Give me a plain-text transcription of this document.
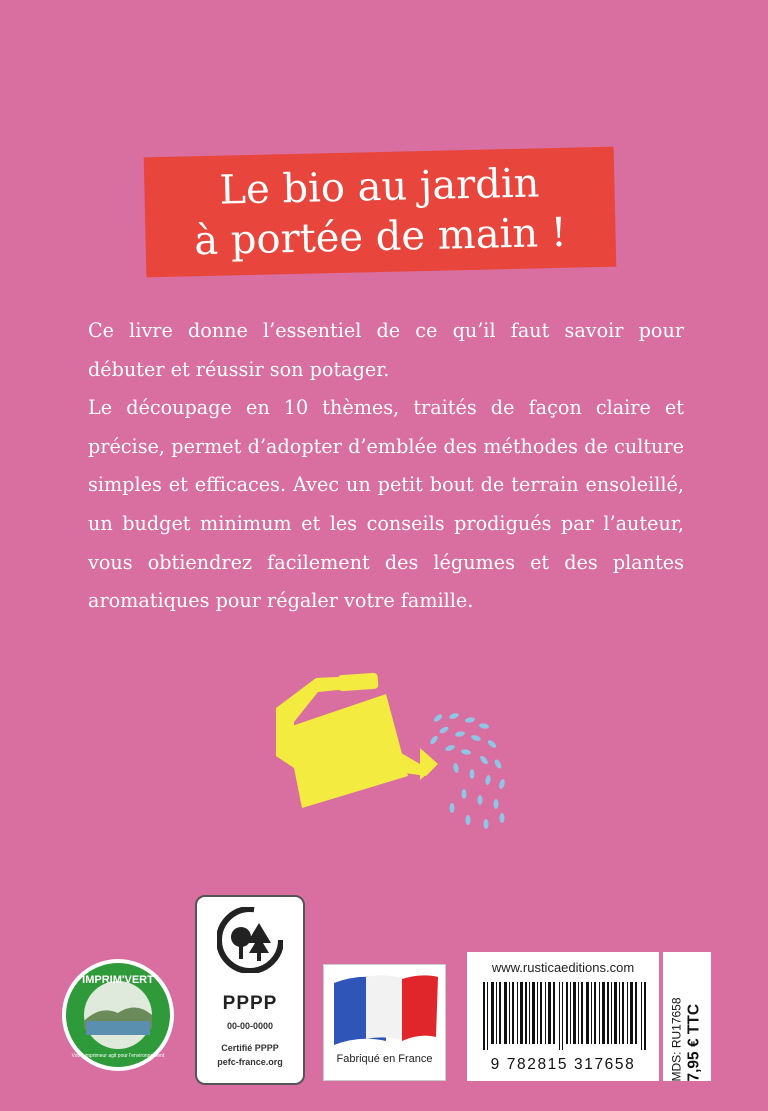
Le bio au jardin
à portée de main !

Ce livre donne l’essentiel de ce qu’il faut savoir pour débuter et réussir son potager.

Le découpage en 10 thèmes, traités de façon claire et précise, permet d’adopter d’emblée des méthodes de culture simples et efficaces. Avec un petit bout de terrain ensoleillé, un budget minimum et les conseils prodigués par l’auteur, vous obtiendrez facilement des légumes et des plantes aromatiques pour régaler votre famille.

IMPRIM'VERT
Votre imprimeur agit pour l'environnement
PPPP
00-00-0000
Certifié PPPP
pefc-france.org	Fabriqué en France
www.rusticaeditions.com
9 782815 317658	MDS: RU17658 7,95 € TTC
